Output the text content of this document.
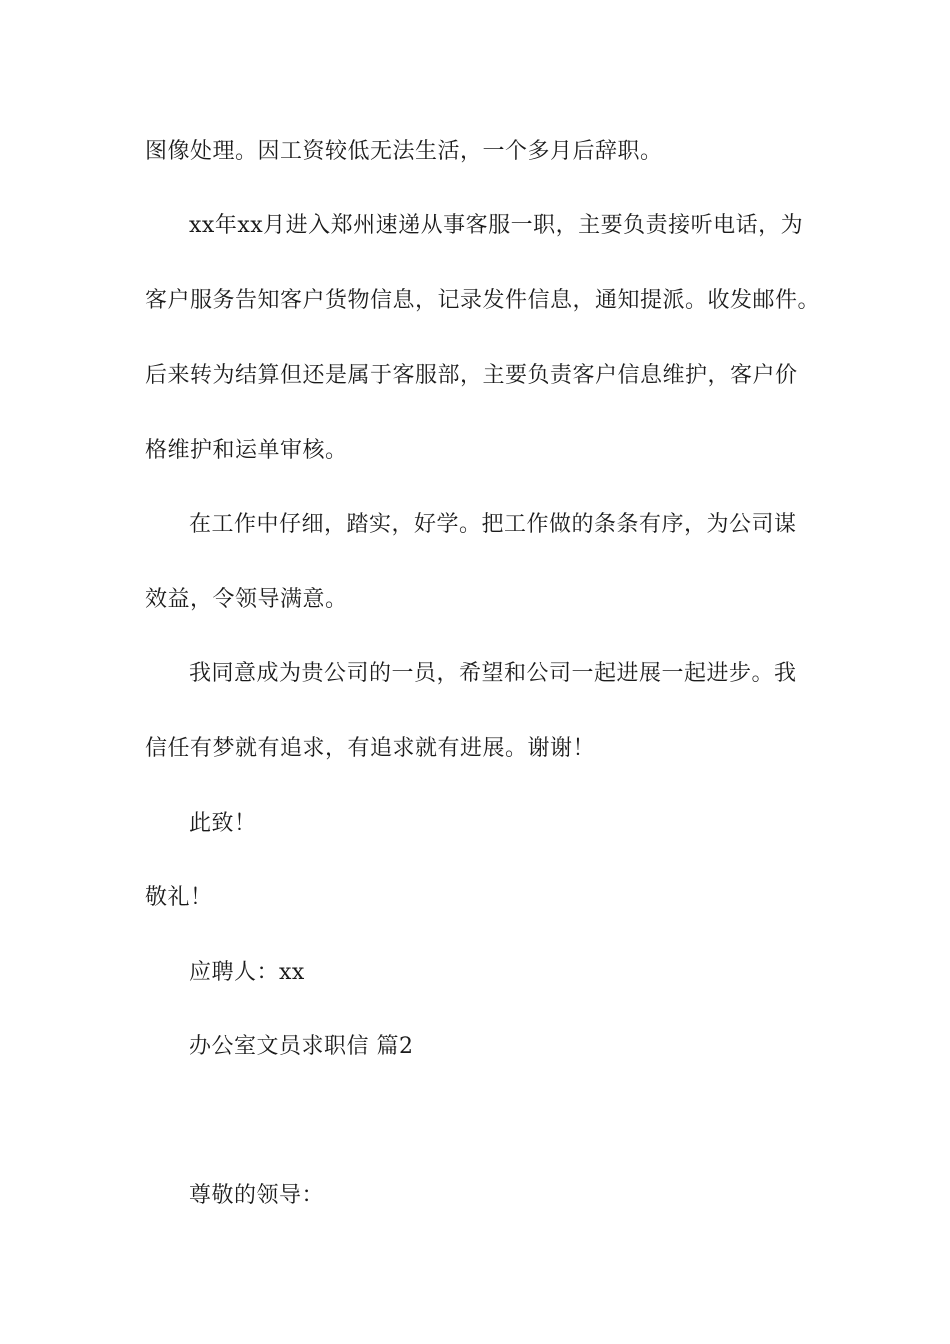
图像处理。因工资较低无法生活，一个多月后辞职。
xx年xx月进入郑州速递从事客服一职，主要负责接听电话，为
客户服务告知客户货物信息，记录发件信息，通知提派。收发邮件。
后来转为结算但还是属于客服部，主要负责客户信息维护，客户价
格维护和运单审核。
在工作中仔细，踏实，好学。把工作做的条条有序，为公司谋
效益，令领导满意。
我同意成为贵公司的一员，希望和公司一起进展一起进步。我
信任有梦就有追求，有追求就有进展。谢谢！
此致！
敬礼！
应聘人：xx
办公室文员求职信 篇2
尊敬的领导：
